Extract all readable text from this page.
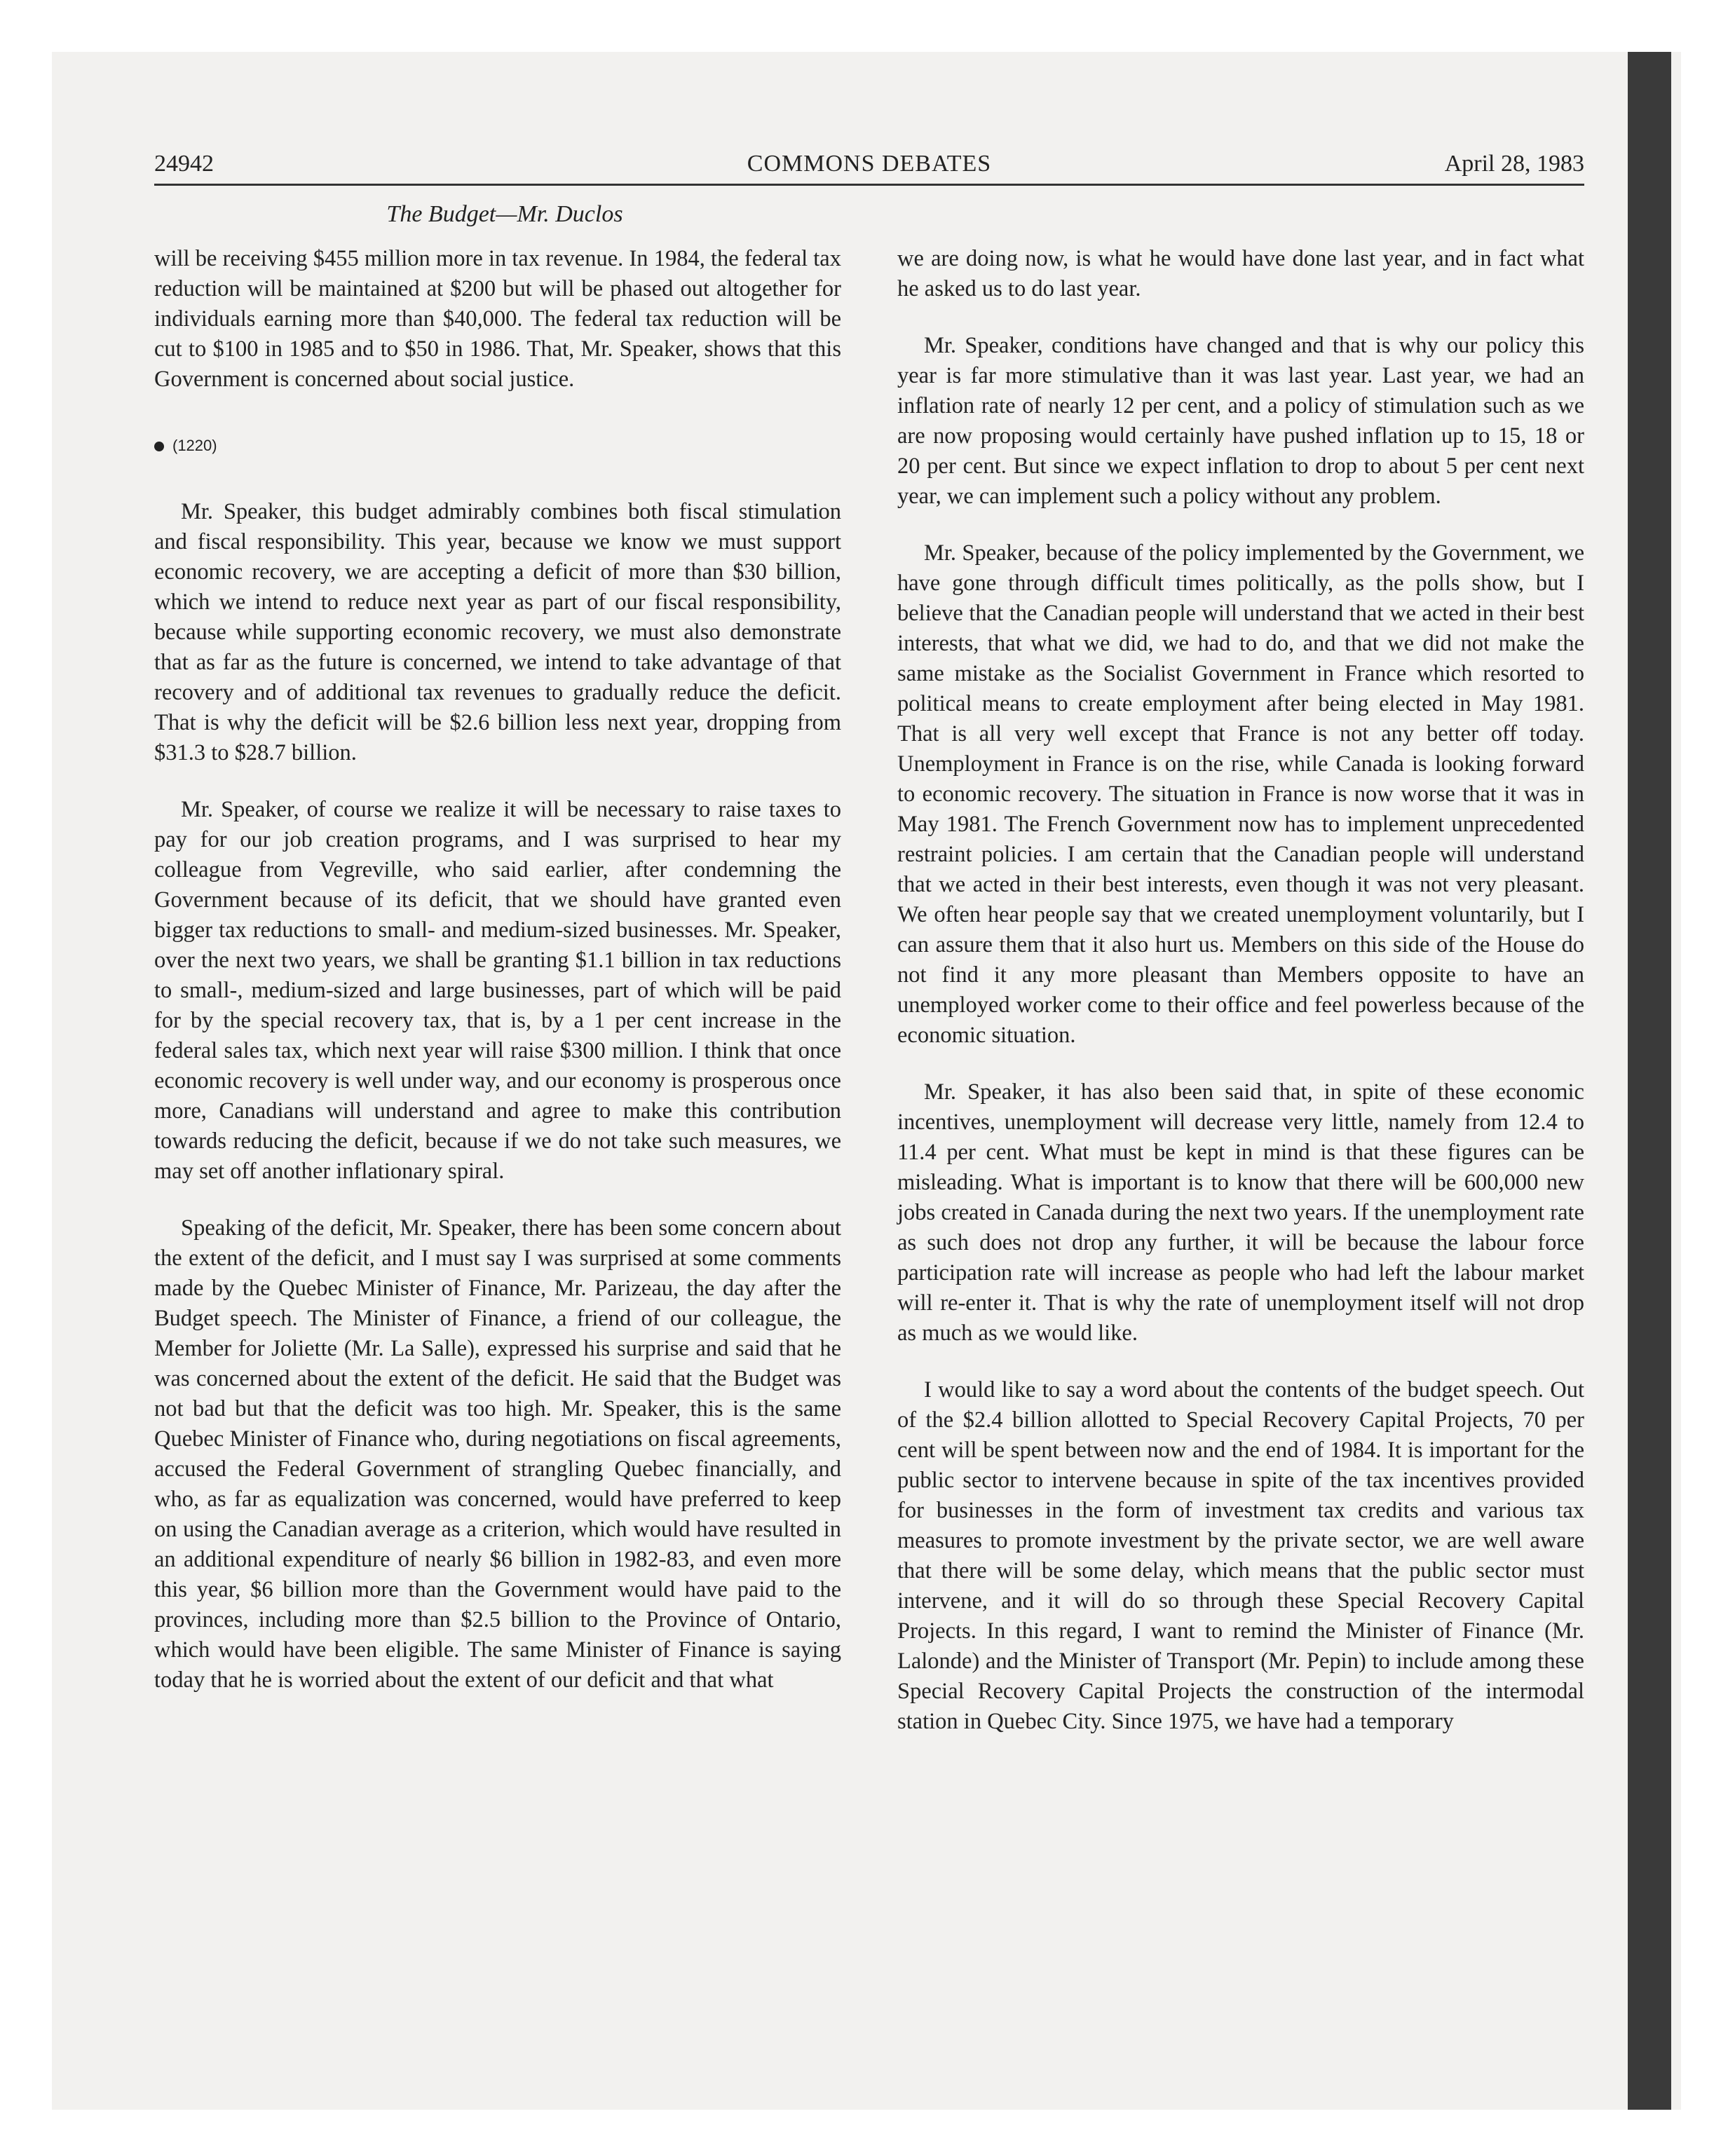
24942	COMMONS DEBATES	April 28, 1983
The Budget—Mr. Duclos

will be receiving $455 million more in tax revenue. In 1984, the federal tax reduction will be maintained at $200 but will be phased out altogether for individuals earning more than $40,000. The federal tax reduction will be cut to $100 in 1985 and to $50 in 1986. That, Mr. Speaker, shows that this Government is concerned about social justice.

(1220)

Mr. Speaker, this budget admirably combines both fiscal stimulation and fiscal responsibility. This year, because we know we must support economic recovery, we are accepting a deficit of more than $30 billion, which we intend to reduce next year as part of our fiscal responsibility, because while supporting economic recovery, we must also demonstrate that as far as the future is concerned, we intend to take advantage of that recovery and of additional tax revenues to gradually reduce the deficit. That is why the deficit will be $2.6 billion less next year, dropping from $31.3 to $28.7 billion.

Mr. Speaker, of course we realize it will be necessary to raise taxes to pay for our job creation programs, and I was surprised to hear my colleague from Vegreville, who said earlier, after condemning the Government because of its deficit, that we should have granted even bigger tax reductions to small- and medium-sized businesses. Mr. Speaker, over the next two years, we shall be granting $1.1 billion in tax reductions to small-, medium-sized and large businesses, part of which will be paid for by the special recovery tax, that is, by a 1 per cent increase in the federal sales tax, which next year will raise $300 million. I think that once economic recovery is well under way, and our economy is prosperous once more, Canadians will understand and agree to make this contribution towards reducing the deficit, because if we do not take such measures, we may set off another inflationary spiral.

Speaking of the deficit, Mr. Speaker, there has been some concern about the extent of the deficit, and I must say I was surprised at some comments made by the Quebec Minister of Finance, Mr. Parizeau, the day after the Budget speech. The Minister of Finance, a friend of our colleague, the Member for Joliette (Mr. La Salle), expressed his surprise and said that he was concerned about the extent of the deficit. He said that the Budget was not bad but that the deficit was too high. Mr. Speaker, this is the same Quebec Minister of Finance who, during negotiations on fiscal agreements, accused the Federal Government of strangling Quebec financially, and who, as far as equalization was concerned, would have preferred to keep on using the Canadian average as a criterion, which would have resulted in an additional expenditure of nearly $6 billion in 1982-83, and even more this year, $6 billion more than the Government would have paid to the provinces, including more than $2.5 billion to the Province of Ontario, which would have been eligible. The same Minister of Finance is saying today that he is worried about the extent of our deficit and that what

we are doing now, is what he would have done last year, and in fact what he asked us to do last year.

Mr. Speaker, conditions have changed and that is why our policy this year is far more stimulative than it was last year. Last year, we had an inflation rate of nearly 12 per cent, and a policy of stimulation such as we are now proposing would certainly have pushed inflation up to 15, 18 or 20 per cent. But since we expect inflation to drop to about 5 per cent next year, we can implement such a policy without any problem.

Mr. Speaker, because of the policy implemented by the Government, we have gone through difficult times politically, as the polls show, but I believe that the Canadian people will understand that we acted in their best interests, that what we did, we had to do, and that we did not make the same mistake as the Socialist Government in France which resorted to political means to create employment after being elected in May 1981. That is all very well except that France is not any better off today. Unemployment in France is on the rise, while Canada is looking forward to economic recovery. The situation in France is now worse that it was in May 1981. The French Government now has to implement unprecedented restraint policies. I am certain that the Canadian people will understand that we acted in their best interests, even though it was not very pleasant. We often hear people say that we created unemployment voluntarily, but I can assure them that it also hurt us. Members on this side of the House do not find it any more pleasant than Members opposite to have an unemployed worker come to their office and feel powerless because of the economic situation.

Mr. Speaker, it has also been said that, in spite of these economic incentives, unemployment will decrease very little, namely from 12.4 to 11.4 per cent. What must be kept in mind is that these figures can be misleading. What is important is to know that there will be 600,000 new jobs created in Canada during the next two years. If the unemployment rate as such does not drop any further, it will be because the labour force participation rate will increase as people who had left the labour market will re-enter it. That is why the rate of unemployment itself will not drop as much as we would like.

I would like to say a word about the contents of the budget speech. Out of the $2.4 billion allotted to Special Recovery Capital Projects, 70 per cent will be spent between now and the end of 1984. It is important for the public sector to intervene because in spite of the tax incentives provided for businesses in the form of investment tax credits and various tax measures to promote investment by the private sector, we are well aware that there will be some delay, which means that the public sector must intervene, and it will do so through these Special Recovery Capital Projects. In this regard, I want to remind the Minister of Finance (Mr. Lalonde) and the Minister of Transport (Mr. Pepin) to include among these Special Recovery Capital Projects the construction of the intermodal station in Quebec City. Since 1975, we have had a temporary
